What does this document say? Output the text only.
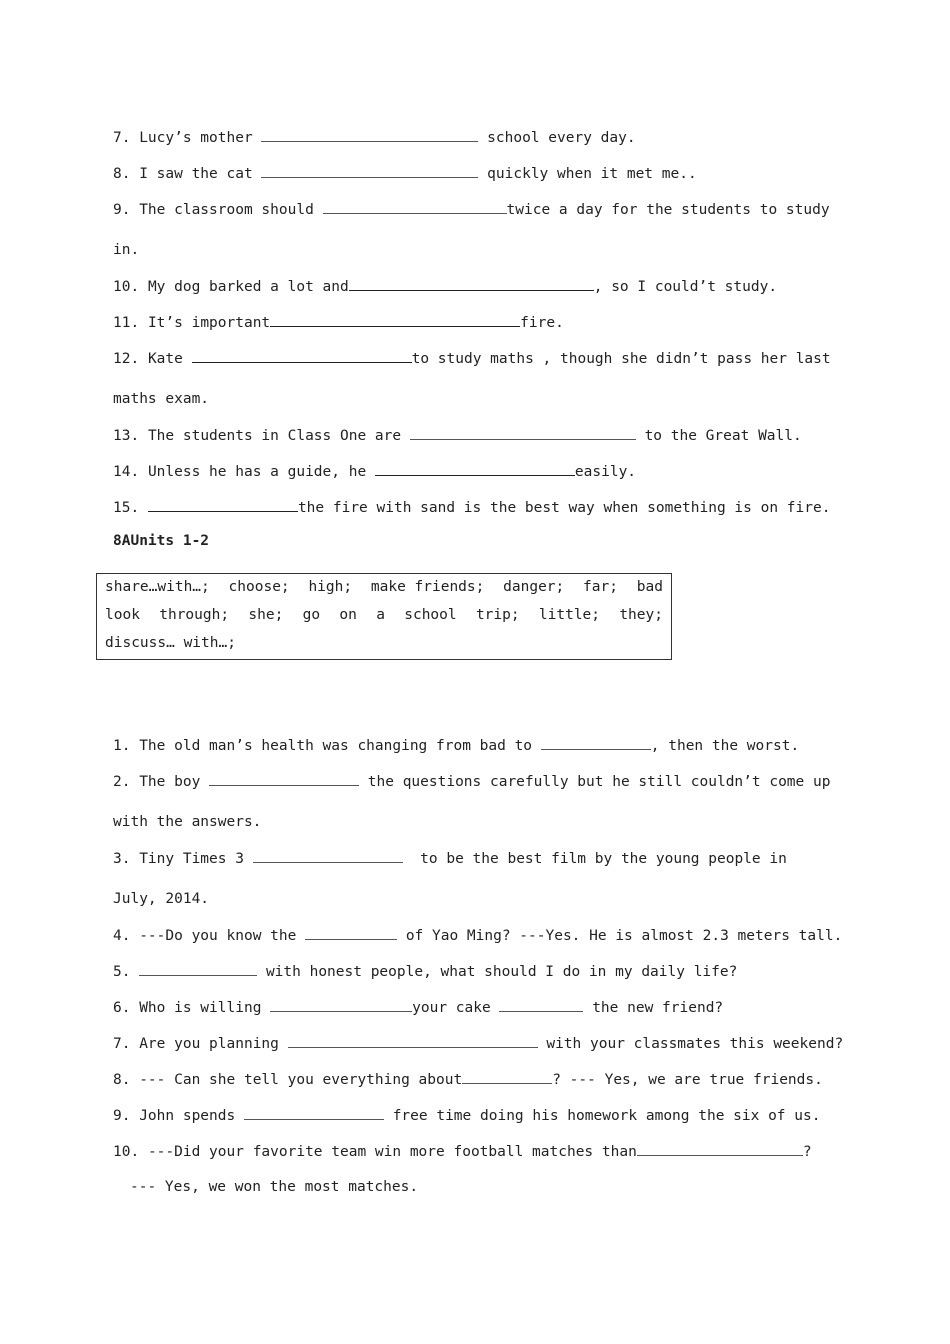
7. Lucy’s mother	school every day.
8. I saw the cat	quickly when it met me..
9. The classroom should	twice a day for the students to study
in.
10. My dog barked a lot and	, so I could’t study.
11. It’s important	fire.
12. Kate	to study maths , though she didn’t pass her last
maths exam.
13. The students in Class One are	to the Great Wall.
14. Unless he has a guide, he	easily.
15.	the fire with sand is the best way when something is on fire.
8AUnits 1-2
share…with…; choose; high; make friends; danger; far; bad
look through; she; go on a school trip; little; they;
discuss… with…;
1. The old man’s health was changing from bad to	, then the worst.
2. The boy	the questions carefully but he still couldn’t come up
with the answers.
3. Tiny Times 3	to be the best film by the young people in
July, 2014.
4. ---Do you know the	of Yao Ming? ---Yes. He is almost 2.3 meters tall.
5.	with honest people, what should I do in my daily life?
6. Who is willing	your cake	the new friend?
7. Are you planning	with your classmates this weekend?
8. --- Can she tell you everything about	? --- Yes, we are true friends.
9. John spends	free time doing his homework among the six of us.
10. ---Did your favorite team win more football matches than	?
--- Yes, we won the most matches.
